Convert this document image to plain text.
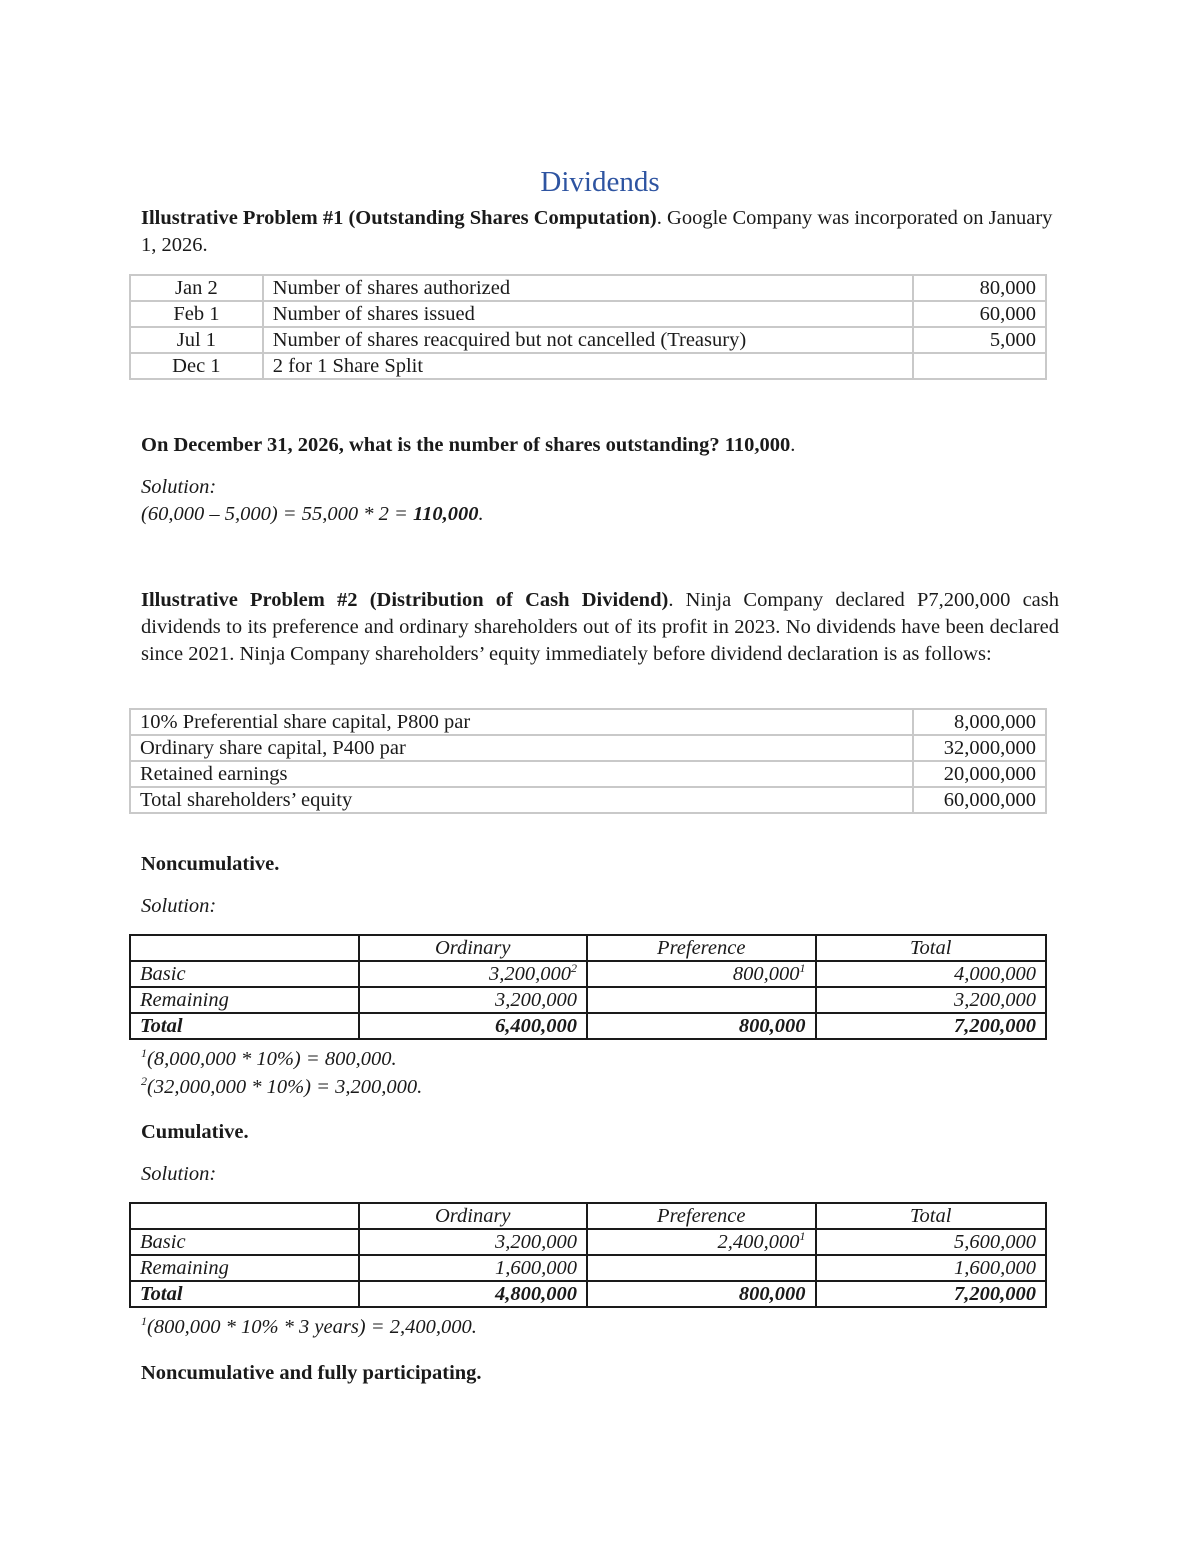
Dividends
Illustrative Problem #1 (Outstanding Shares Computation). Google Company was incorporated on January 1, 2026.
Jan 2	Number of shares authorized	80,000
Feb 1	Number of shares issued	60,000
Jul 1	Number of shares reacquired but not cancelled (Treasury)	5,000
Dec 1	2 for 1 Share Split	
On December 31, 2026, what is the number of shares outstanding? 110,000.
Solution:
(60,000 – 5,000) = 55,000 * 2 = 110,000.
Illustrative Problem #2 (Distribution of Cash Dividend). Ninja Company declared P7,200,000 cash dividends to its preference and ordinary shareholders out of its profit in 2023. No dividends have been declared since 2021. Ninja Company shareholders’ equity immediately before dividend declaration is as follows:
10% Preferential share capital, P800 par	8,000,000
Ordinary share capital, P400 par	32,000,000
Retained earnings	20,000,000
Total shareholders’ equity	60,000,000
Noncumulative.
Solution:
	Ordinary	Preference	Total
Basic	3,200,000$^2$	800,000$^1$	4,000,000
Remaining	3,200,000		3,200,000
Total	6,400,000	800,000	7,200,000
$^1$(8,000,000 * 10%) = 800,000.
$^2$(32,000,000 * 10%) = 3,200,000.
Cumulative.
Solution:
	Ordinary	Preference	Total
Basic	3,200,000	2,400,000$^1$	5,600,000
Remaining	1,600,000		1,600,000
Total	4,800,000	800,000	7,200,000
$^1$(800,000 * 10% * 3 years) = 2,400,000.
Noncumulative and fully participating.
